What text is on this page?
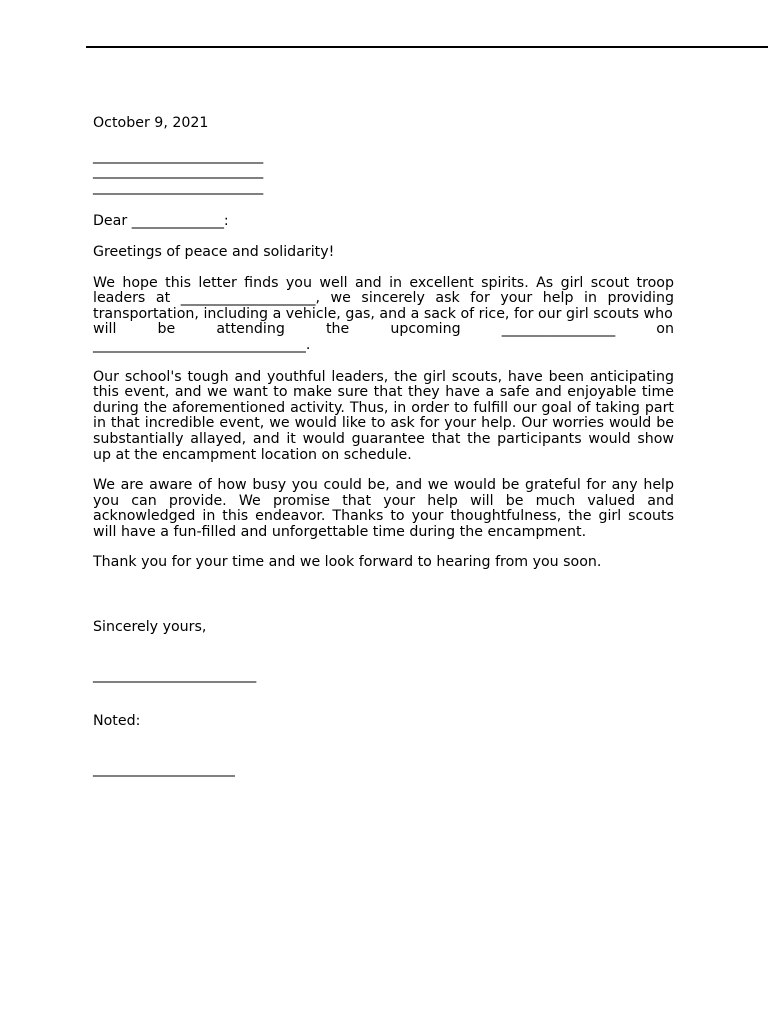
October 9, 2021

________________________
________________________
________________________
Dear _____________:
Greetings of peace and solidarity!

We hope this letter finds you well and in excellent spirits. As girl scout troop leaders at ___________________, we sincerely ask for your help in providing transportation, including a vehicle, gas, and a sack of rice, for our girl scouts who

will	be	attending	the	upcoming	________________	on
______________________________.

Our school's tough and youthful leaders, the girl scouts, have been anticipating this event, and we want to make sure that they have a safe and enjoyable time during the aforementioned activity. Thus, in order to fulfill our goal of taking part in that incredible event, we would like to ask for your help. Our worries would be substantially allayed, and it would guarantee that the participants would show up at the encampment location on schedule.

We are aware of how busy you could be, and we would be grateful for any help you can provide. We promise that your help will be much valued and acknowledged in this endeavor. Thanks to your thoughtfulness, the girl scouts will have a fun-filled and unforgettable time during the encampment.

Thank you for your time and we look forward to hearing from you soon.
Sincerely yours,
_______________________
Noted:
____________________
